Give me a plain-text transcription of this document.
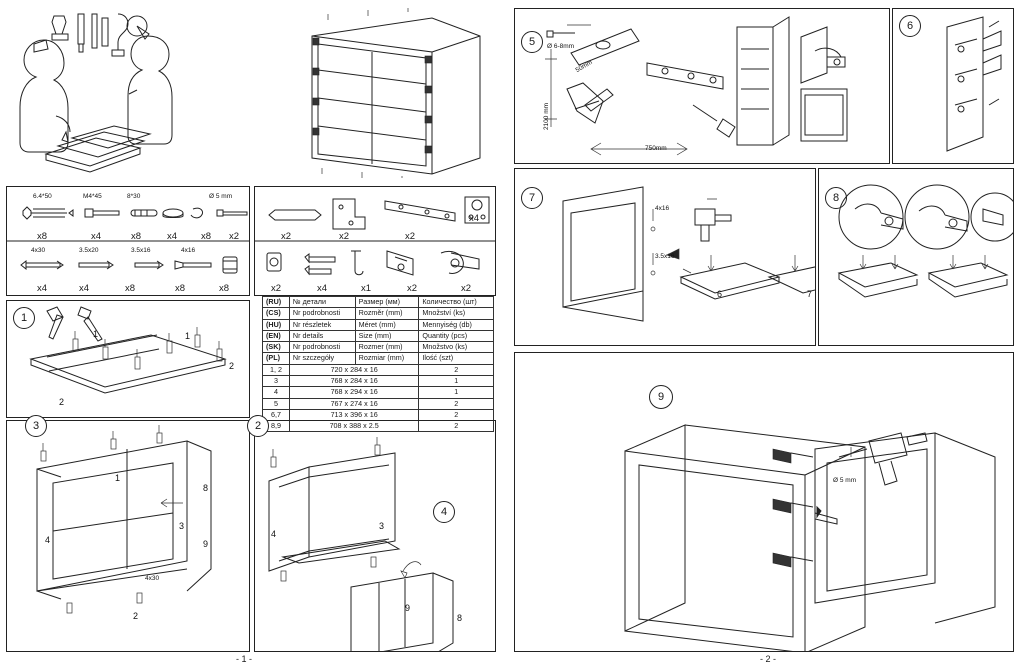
x8	x4	x8	x4	x8 x2
6.4*50	M4*45	8*30	Ø 5 mm
4x30	3.5x20	3.5x16	4x16
x4	x4	x8	x8	x8
x2	x2	x2
x4
x2	x4	x1	x2	x2
(RU)	№ детали	Размер (мм)	Количество (шт)
(CS)	Nr podrobnosti	Rozměr (mm)	Množství (ks)
(HU)	Nr részletek	Méret (mm)	Mennyiség (db)
(EN)	Nr details	Size (mm)	Quantity (pcs)
(SK)	Nr podrobnosti	Rozmer (mm)	Množstvo (ks)
(PL)	Nr szczegóły	Rozmiar (mm)	Ilość (szt)
1, 2	720 x 284 x 16		2
3	768 x 284 x 16		1
4	768 x 294 x 16		1
5	767 x 274 x 16		2
6,7	713 x 396 x 16		2
8,9	708 x 388 x 2.5		2
1
1	1
2
2
3
1
8
3
9
4
2
4x30
2
4
4
3
9
8
- 1 -
5	Ø 6-8mm
50mm
2100 mm
750mm
6
7
4x16
3.5x16
6	7
8
9
Ø 5 mm
- 2 -
